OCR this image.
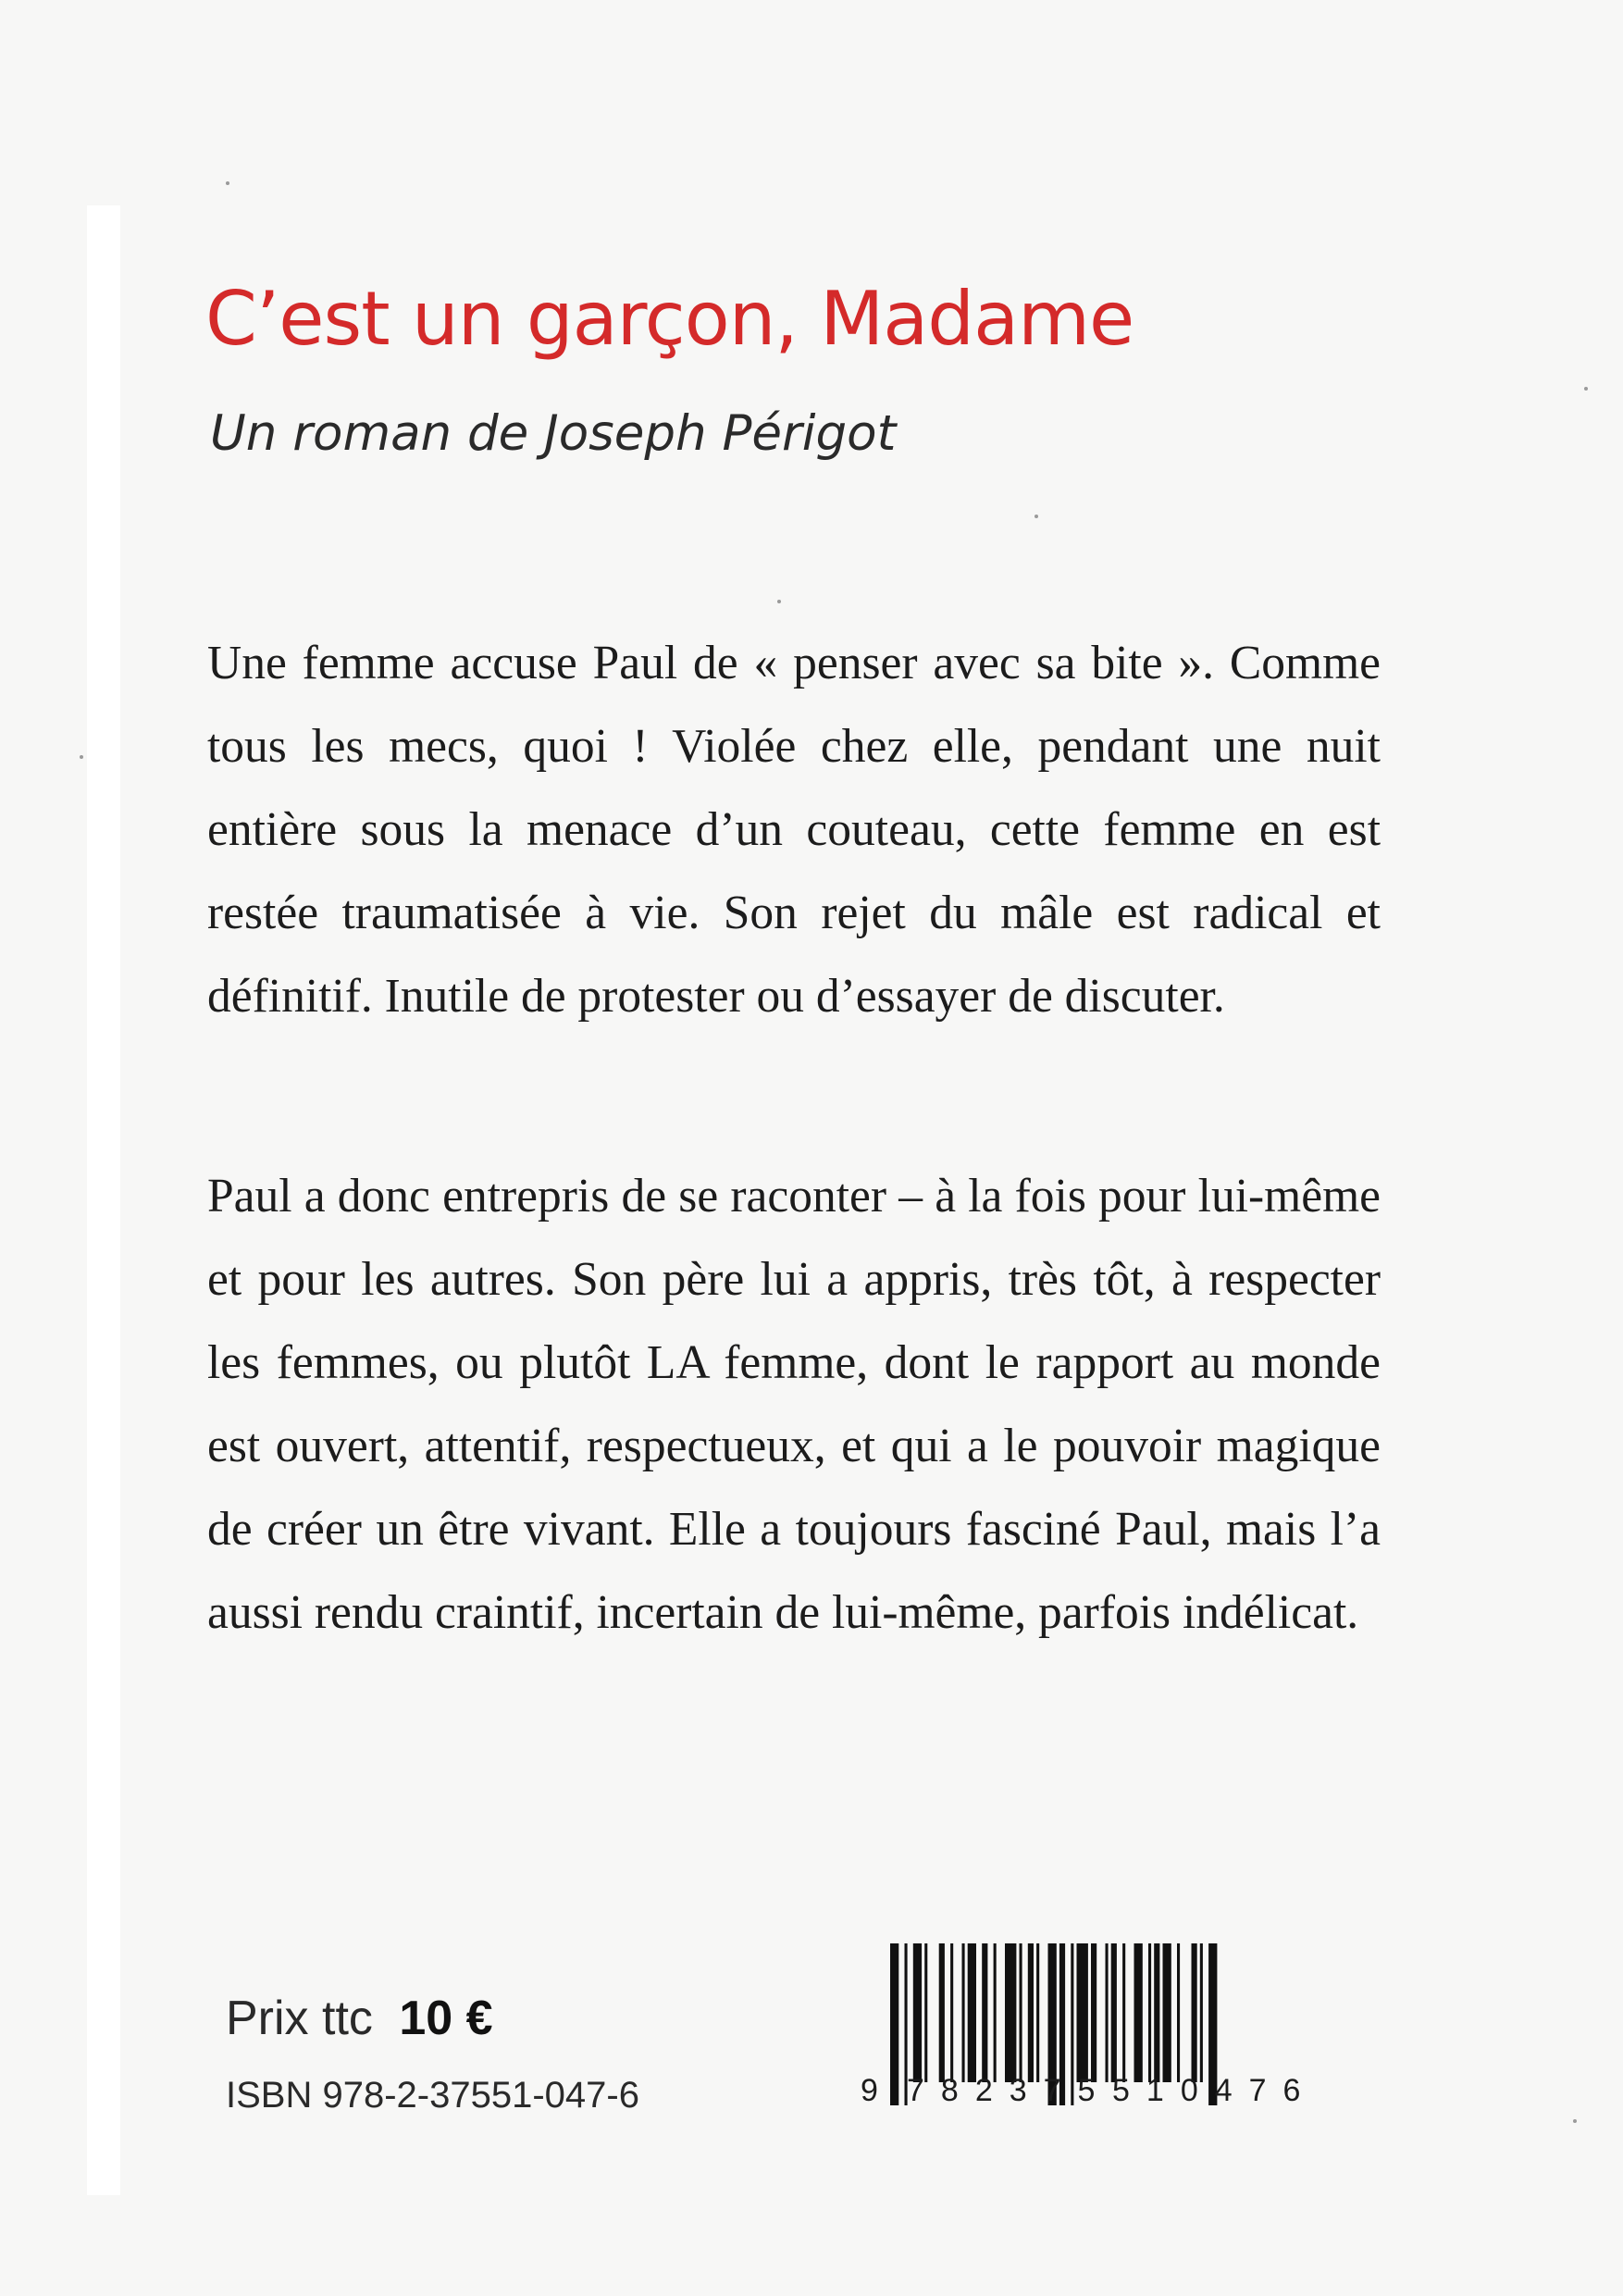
C’est un garçon, Madame
Un roman de Joseph Périgot

Une femme accuse Paul de « penser avec sa bite ». Comme tous les mecs, quoi ! Violée chez elle, pendant une nuit entière sous la menace d’un couteau, cette femme en est restée traumatisée à vie. Son rejet du mâle est radical et définitif. Inutile de protester ou d’essayer de discuter.

Paul a donc entrepris de se raconter – à la fois pour lui-même et pour les autres. Son père lui a appris, très tôt, à respecter les femmes, ou plutôt LA femme, dont le rapport au monde est ouvert, attentif, respectueux, et qui a le pouvoir magique de créer un être vivant. Elle a toujours fasciné Paul, mais l’a aussi rendu craintif, incertain de lui-même, parfois indélicat.

Prix ttc 10 €
ISBN 978-2-37551-047-6	9 782375 510476
